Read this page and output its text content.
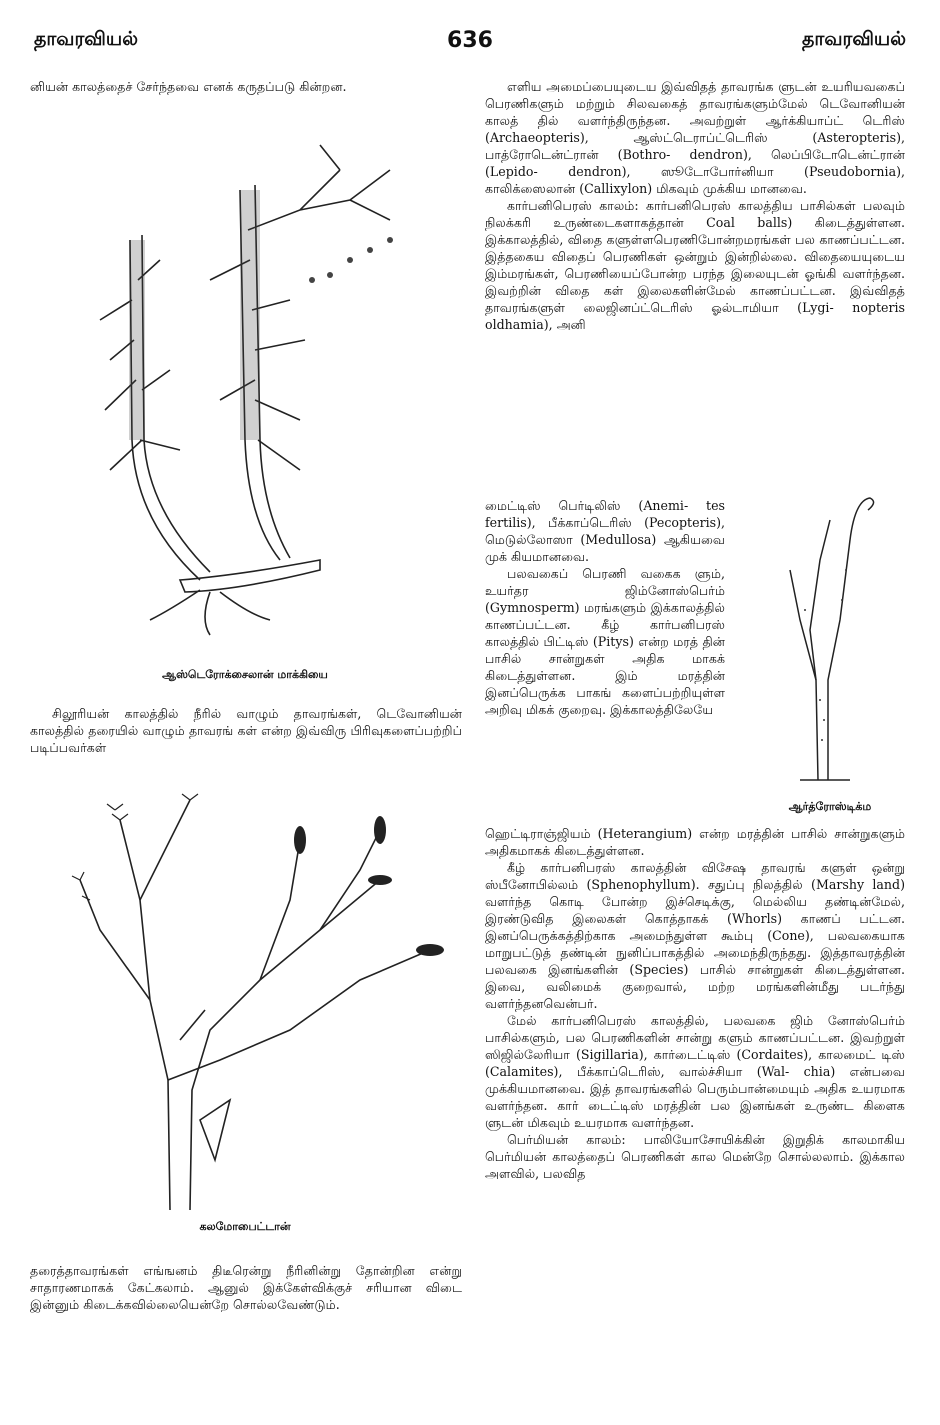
தாவரவியல்	636	தாவரவியல்

னியன் காலத்தைச் சேர்ந்தவை எனக் கருதப்படு கின்றன.

ஆஸ்டெரோக்சைலான் மாக்கியை

சிலூரியன் காலத்தில் நீரில் வாழும் தாவரங்கள், டெவோனியன் காலத்தில் தரையில் வாழும் தாவரங் கள் என்ற இவ்விரு பிரிவுகளைப்பற்றிப் படிப்பவர்கள்

கலமோபைட்டான்

தரைத்தாவரங்கள் எங்ஙனம் திடீரென்று நீரினின்று தோன்றின என்று சாதாரணமாகக் கேட்கலாம். ஆனுல் இக்கேள்விக்குச் சரியான விடை இன்னும் கிடைக்கவில்லையென்றே சொல்லவேண்டும்.

எளிய அமைப்பையுடைய இவ்விதத் தாவரங்க ளுடன் உயரியவகைப் பெரணிகளும் மற்றும் சிலவகைத் தாவரங்களும்மேல் டெவோனியன் காலத் தில் வளர்ந்திருந்தன. அவற்றுள் ஆர்க்கியாப்ட் டெரிஸ் (Archaeopteris), ஆஸ்ட்டெராப்ட்டெரிஸ் (Asteropteris), பாத்ரோடென்ட்ரான் (Bothro- dendron), லெப்பிடோடென்ட்ரான் (Lepido- dendron), ஸூடோபோர்னியா (Pseudobornia), காலிக்ஸைலான் (Callixylon) மிகவும் முக்கிய மானவை.

கார்பனிபெரஸ் காலம்: கார்பனிபெரஸ் காலத்திய பாசில்கள் பலவும் நிலக்கரி உருண்டைகளாகத்தான் Coal balls) கிடைத்துள்ளன. இக்காலத்தில், விதை களுள்ளபெரணிபோன்றமரங்கள் பல காணப்பட்டன. இத்தகைய விதைப் பெரணிகள் ஒன்றும் இன்றில்லை. விதையையுடைய இம்மரங்கள், பெரணியைப்போன்ற பரந்த இலையுடன் ஓங்கி வளர்ந்தன. இவற்றின் விதை கள் இலைகளின்மேல் காணப்பட்டன. இவ்விதத் தாவரங்களுள் லைஜினப்ட்டெரிஸ் ஓல்டாமியா (Lygi- nopteris oldhamia), அனி

மைட்டிஸ் பெர்டிலிஸ் (Anemi- tes fertilis), பீக்காப்டெரிஸ் (Pecopteris), மெடுல்லோஸா (Medullosa) ஆகியவை முக் கியமானவை.

பலவகைப் பெரணி வகைக ளும், உயர்தர ஜிம்னோஸ்பெர்ம் (Gymnosperm) மரங்களும் இக்காலத்தில் காணப்பட்டன. கீழ் கார்பனிபரஸ் காலத்தில் பிட்டிஸ் (Pitys) என்ற மரத் தின் பாசில் சான்றுகள் அதிக மாகக் கிடைத்துள்ளன. இம் மரத்தின் இனப்பெருக்க பாகங் களைப்பற்றியுள்ள அறிவு மிகக் குறைவு. இக்காலத்திலேயே

ஆர்த்ரோஸ்டிக்ம

ஹெட்டிராஞ்ஜியம் (Heterangium) என்ற மரத்தின் பாசில் சான்றுகளும் அதிகமாகக் கிடைத்துள்ளன.

கீழ் கார்பனிபரஸ் காலத்தின் விசேஷ தாவரங் களுள் ஒன்று ஸ்பீனோபில்லம் (Sphenophyllum). சதுப்பு நிலத்தில் (Marshy land) வளர்ந்த கொடி போன்ற இச்செடிக்கு, மெல்லிய தண்டின்மேல், இரண்டுவித இலைகள் கொத்தாகக் (Whorls) காணப் பட்டன. இனப்பெருக்கத்திற்காக அமைந்துள்ள கூம்பு (Cone), பலவகையாக மாறுபட்டுத் தண்டின் நுனிப்பாகத்தில் அமைந்திருந்தது. இத்தாவரத்தின் பலவகை இனங்களின் (Species) பாசில் சான்றுகள் கிடைத்துள்ளன. இவை, வலிமைக் குறைவால், மற்ற மரங்களின்மீது படர்ந்து வளர்ந்தனவென்பர்.

மேல் கார்பனிபெரஸ் காலத்தில், பலவகை ஜிம் னோஸ்பெர்ம் பாசில்களும், பல பெரணிகளின் சான்று களும் காணப்பட்டன. இவற்றுள் ஸிஜில்லேரியா (Sigillaria), கார்டைட்டிஸ் (Cordaites), காலமைட் டிஸ் (Calamites), பீக்காப்டெரிஸ், வால்ச்சியா (Wal- chia) என்பவை முக்கியமானவை. இத் தாவரங்களில் பெரும்பான்மையும் அதிக உயரமாக வளர்ந்தன. கார் டைட்டிஸ் மரத்தின் பல இனங்கள் உருண்ட கிளைக ளுடன் மிகவும் உயரமாக வளர்ந்தன.

பெர்மியன் காலம்: பாலியோசோயிக்கின் இறுதிக் காலமாகிய பெர்மியன் காலத்தைப் பெரணிகள் கால மென்றே சொல்லலாம். இக்கால அளவில், பலவித
